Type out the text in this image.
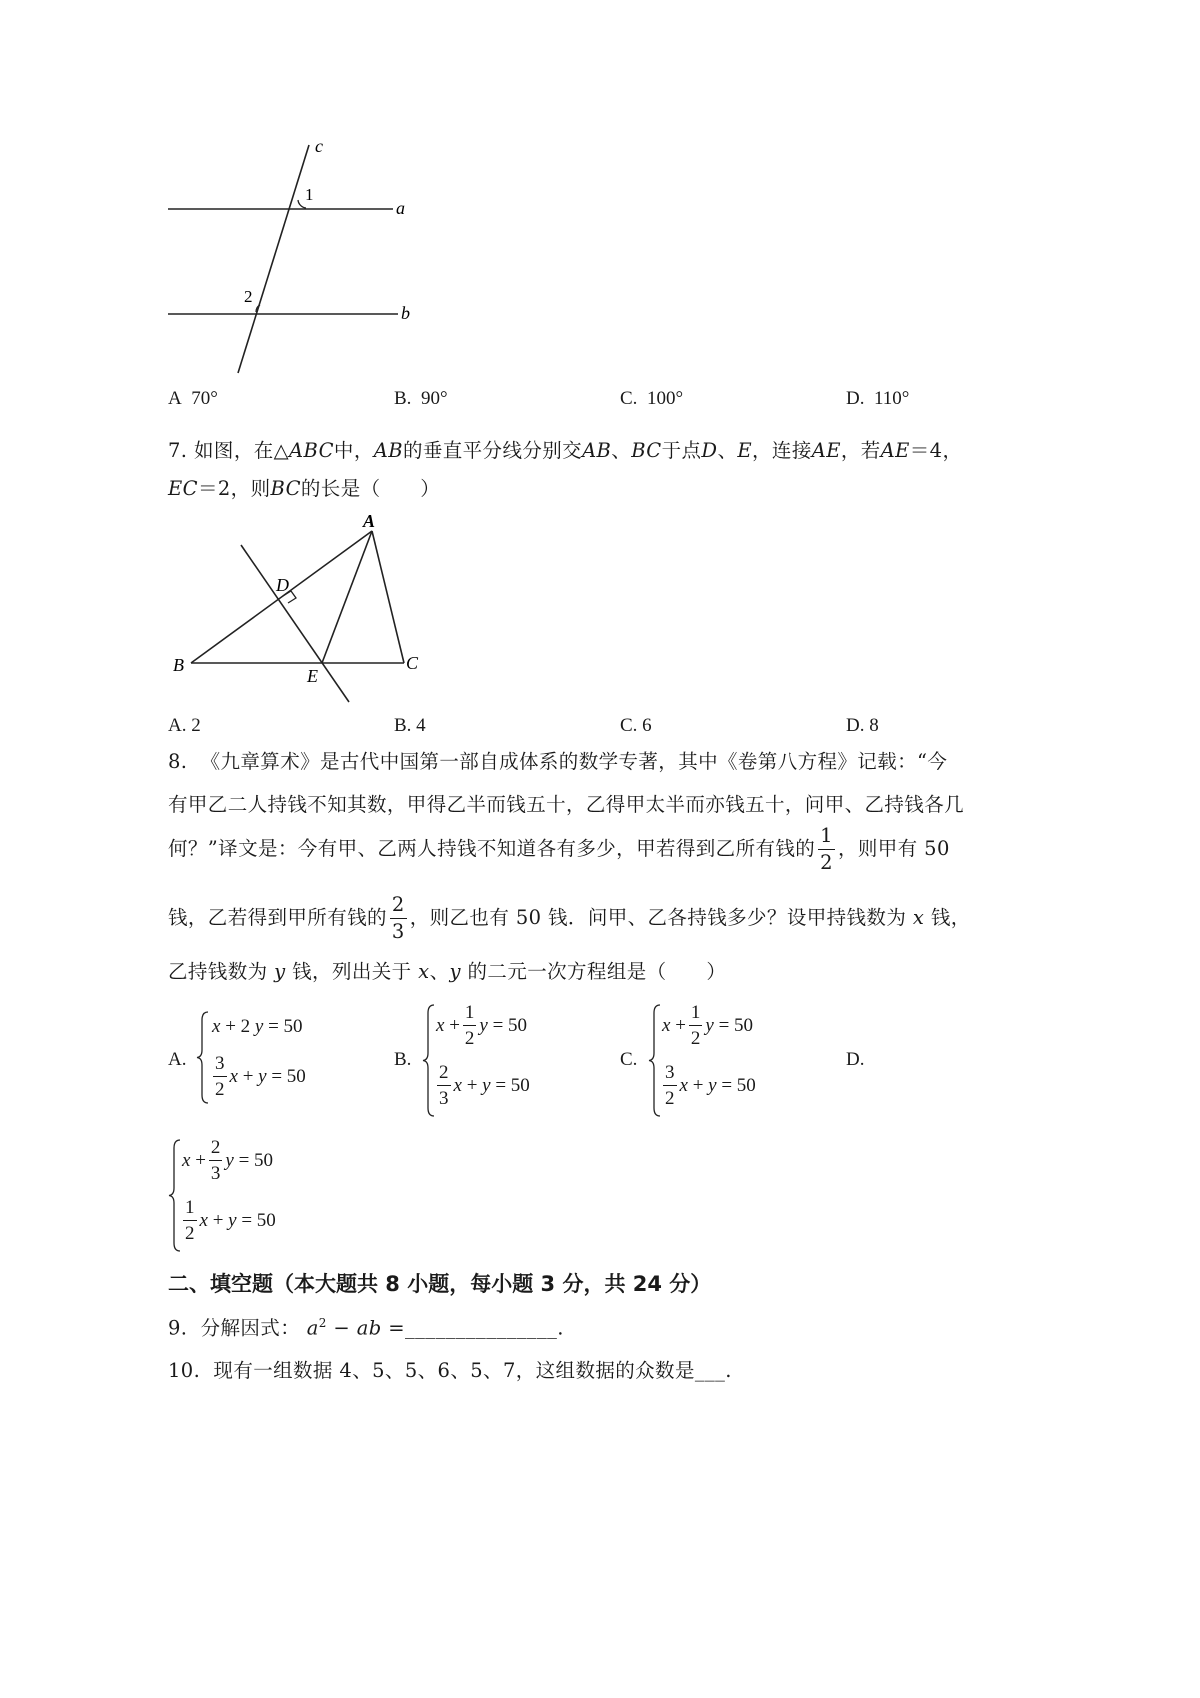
c
a
b
1
2
A 70°	B. 90°	C. 100°	D. 110°
7. 如图，在△ABC中，AB的垂直平分线分别交AB、BC于点D、E，连接AE，若AE＝4，
EC＝2，则BC的长是（　　）
A
B	C
D
E
A. 2	B. 4	C. 6	D. 8
8. 《九章算术》是古代中国第一部自成体系的数学专著，其中《卷第八方程》记载：“今
有甲乙二人持钱不知其数，甲得乙半而钱五十，乙得甲太半而亦钱五十，问甲、乙持钱各几
何？”译文是：今有甲、乙两人持钱不知道各有多少，甲若得到乙所有钱的 $\frac{1}{2}$ ，则甲有 50
钱，乙若得到甲所有钱的 $\frac{2}{3}$ ，则乙也有 50 钱．问甲、乙各持钱多少？设甲持钱数为
x
钱，
乙持钱数为 y 钱，列出关于 x、y 的二元一次方程组是（　　）
A.
x
+ 2
y
= 50
$\frac{3}{2}$ x
+
y
= 50
B.
x
+ $\frac{1}{2}$ y
= 50
$\frac{2}{3}$ x
+
y
= 50
C.
x
+ $\frac{1}{2}$ y
= 50
$\frac{3}{2}$ x
+
y
= 50
D.
x
+ $\frac{2}{3}$ y
= 50
$\frac{1}{2}$ x
+
y
= 50
二、填空题（本大题共 8 小题，每小题 3 分，共 24 分）
9. 分解因式： $a^2$ − ab =_______________.
10. 现有一组数据 4、5、5、6、5、7，这组数据的众数是___.
